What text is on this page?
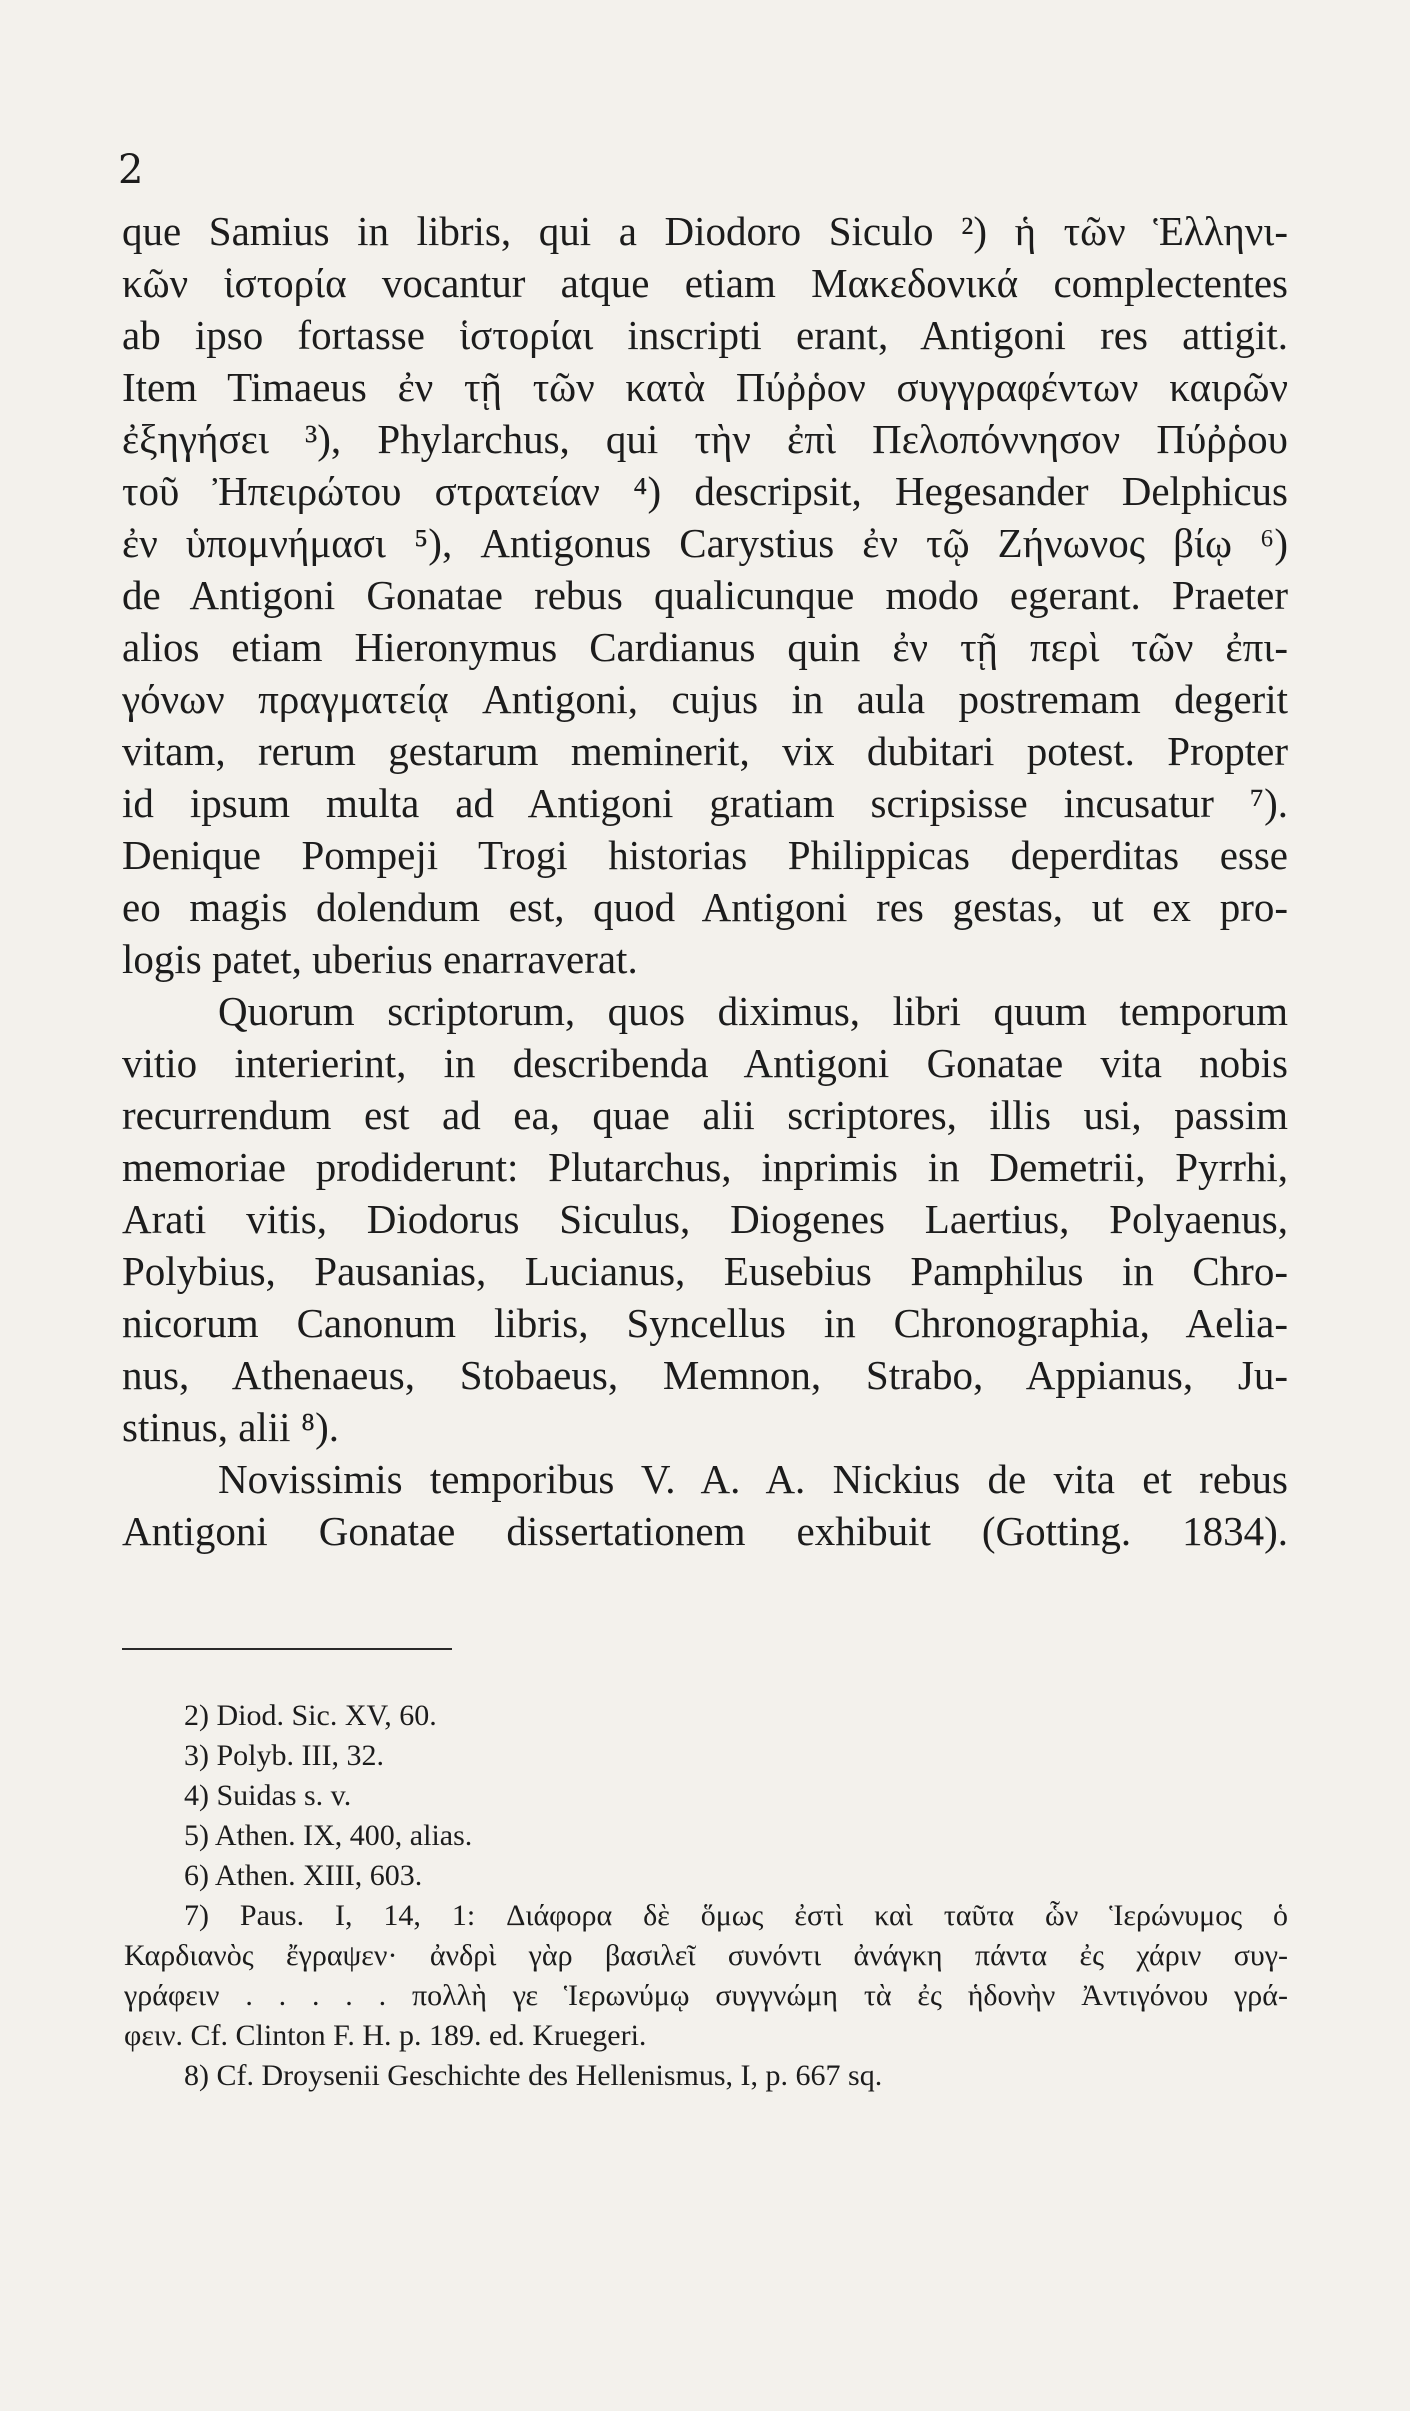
2
que Samius in libris, qui a Diodoro Siculo ²) ἡ τῶν Ἑλληνι-
κῶν ἱστορία vocantur atque etiam Μακεδονικά complectentes
ab ipso fortasse ἱστορίαι inscripti erant, Antigoni res attigit.
Item Timaeus ἐν τῇ τῶν κατὰ Πύῤῥον συγγραφέντων καιρῶν
ἐξηγήσει ³), Phylarchus, qui τὴν ἐπὶ Πελοπόννησον Πύῤῥου
τοῦ Ἠπειρώτου στρατείαν ⁴) descripsit, Hegesander Delphicus
ἐν ὑπομνήμασι ⁵), Antigonus Carystius ἐν τῷ Ζήνωνος βίῳ ⁶)
de Antigoni Gonatae rebus qualicunque modo egerant. Praeter
alios etiam Hieronymus Cardianus quin ἐν τῇ περὶ τῶν ἐπι-
γόνων πραγματείᾳ Antigoni, cujus in aula postremam degerit
vitam, rerum gestarum meminerit, vix dubitari potest. Propter
id ipsum multa ad Antigoni gratiam scripsisse incusatur ⁷).
Denique Pompeji Trogi historias Philippicas deperditas esse
eo magis dolendum est, quod Antigoni res gestas, ut ex pro-
logis patet, uberius enarraverat.
Quorum scriptorum, quos diximus, libri quum temporum
vitio interierint, in describenda Antigoni Gonatae vita nobis
recurrendum est ad ea, quae alii scriptores, illis usi, passim
memoriae prodiderunt: Plutarchus, inprimis in Demetrii, Pyrrhi,
Arati vitis, Diodorus Siculus, Diogenes Laertius, Polyaenus,
Polybius, Pausanias, Lucianus, Eusebius Pamphilus in Chro-
nicorum Canonum libris, Syncellus in Chronographia, Aelia-
nus, Athenaeus, Stobaeus, Memnon, Strabo, Appianus, Ju-
stinus, alii ⁸).
Novissimis temporibus V. A. A. Nickius de vita et rebus
Antigoni Gonatae dissertationem exhibuit (Gotting. 1834).
2) Diod. Sic. XV, 60.
3) Polyb. III, 32.
4) Suidas s. v.
5) Athen. IX, 400, alias.
6) Athen. XIII, 603.
7) Paus. I, 14, 1: Διάφορα δὲ ὅμως ἐστὶ καὶ ταῦτα ὧν Ἱερώνυμος ὁ
Καρδιανὸς ἔγραψεν· ἀνδρὶ γὰρ βασιλεῖ συνόντι ἀνάγκη πάντα ἐς χάριν συγ-
γράφειν . . . . . πολλὴ γε Ἱερωνύμῳ συγγνώμη τὰ ἐς ἡδονὴν Ἀντιγόνου γρά-
φειν. Cf. Clinton F. H. p. 189. ed. Kruegeri.
8) Cf. Droysenii Geschichte des Hellenismus, I, p. 667 sq.
